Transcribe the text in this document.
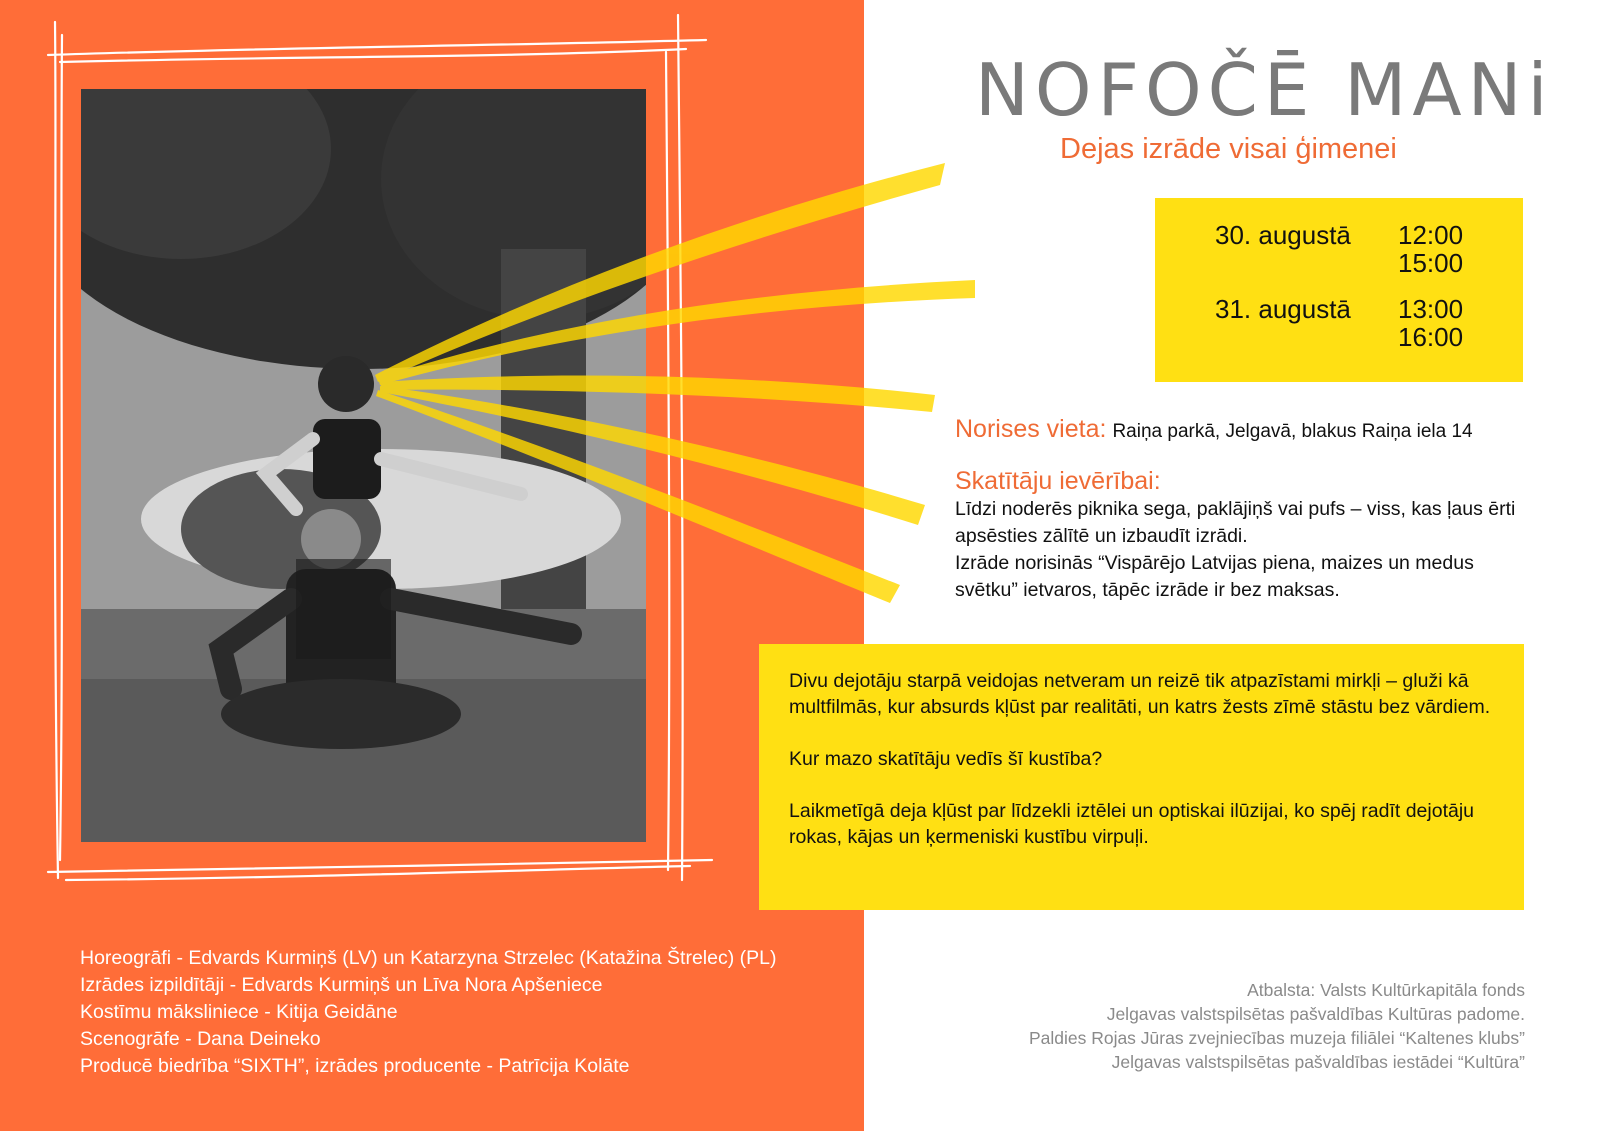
NOFOČĒ MANi
Dejas izrāde visai ģimenei
30. augustā 12:00
15:00
31. augustā 13:00
16:00
Norises vieta: Raiņa parkā, Jelgavā, blakus Raiņa iela 14
Skatītāju ievērībai:

Līdzi noderēs piknika sega, paklājiņš vai pufs – viss, kas ļaus ērti apsēsties zālītē un izbaudīt izrādi.

Izrāde norisinās “Vispārējo Latvijas piena, maizes un medus svētku” ietvaros, tāpēc izrāde ir bez maksas.

Divu dejotāju starpā veidojas netveram un reizē tik atpazīstami mirkļi – gluži kā multfilmās, kur absurds kļūst par realitāti, un katrs žests zīmē stāstu bez vārdiem.

Kur mazo skatītāju vedīs šī kustība?

Laikmetīgā deja kļūst par līdzekli iztēlei un optiskai ilūzijai, ko spēj radīt dejotāju rokas, kājas un ķermeniski kustību virpuļi.

Horeogrāfi - Edvards Kurmiņš (LV) un Katarzyna Strzelec (Katažina Štrelec) (PL)
Izrādes izpildītāji - Edvards Kurmiņš un Līva Nora Apšeniece
Kostīmu māksliniece - Kitija Geidāne
Scenogrāfe - Dana Deineko
Producē biedrība “SIXTH”, izrādes producente - Patrīcija Kolāte
Atbalsta: Valsts Kultūrkapitāla fonds
Jelgavas valstspilsētas pašvaldības Kultūras padome.
Paldies Rojas Jūras zvejniecības muzeja filiālei “Kaltenes klubs”
Jelgavas valstspilsētas pašvaldības iestādei “Kultūra”
